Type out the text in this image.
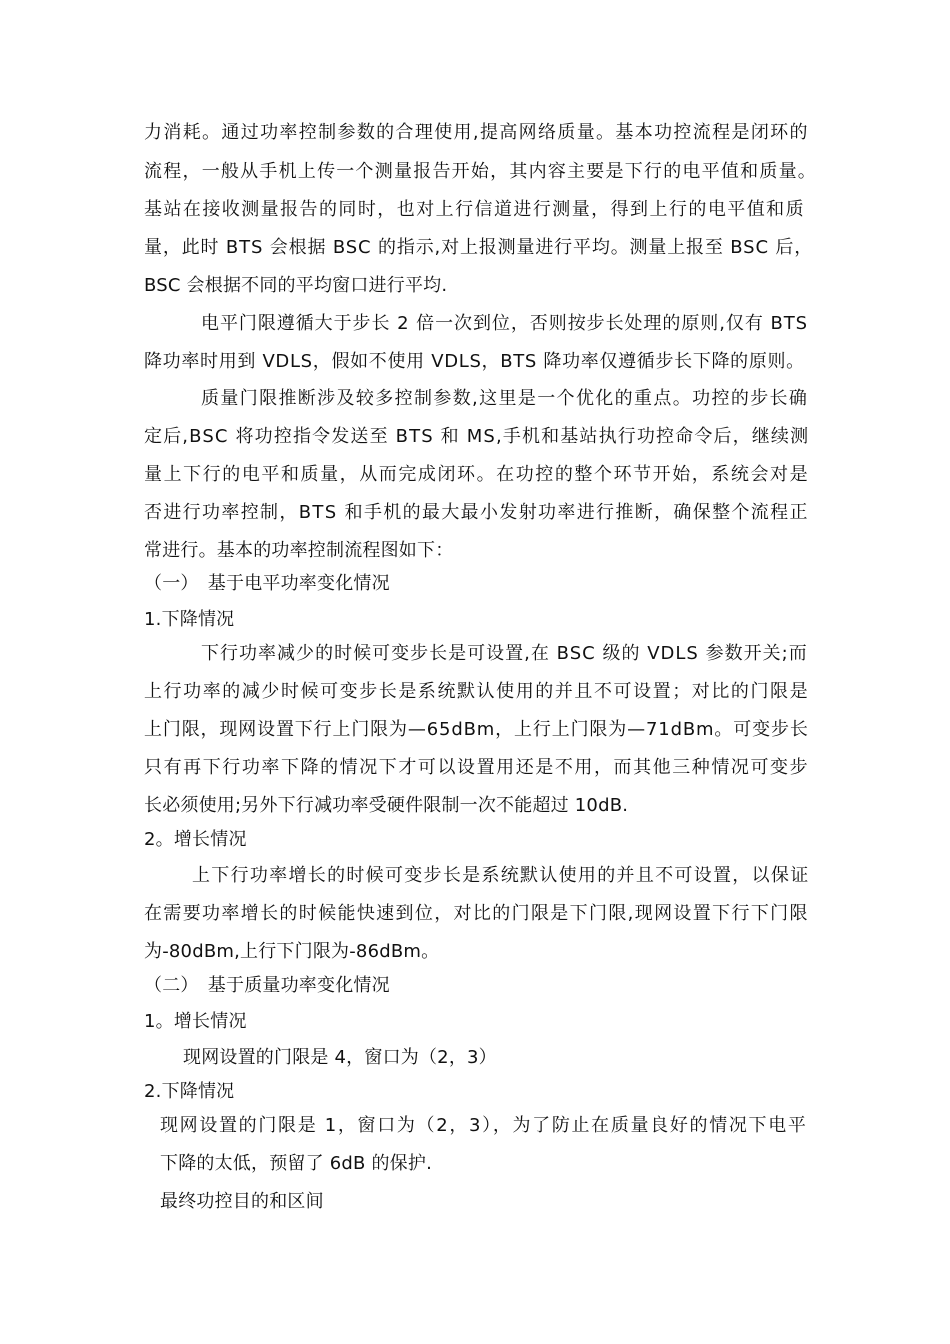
力消耗。通过功率控制参数的合理使用,提高网络质量。基本功控流程是闭环的
流程，一般从手机上传一个测量报告开始，其内容主要是下行的电平值和质量。
基站在接收测量报告的同时，也对上行信道进行测量，得到上行的电平值和质
量，此时 BTS 会根据 BSC 的指示,对上报测量进行平均。测量上报至 BSC 后，
BSC 会根据不同的平均窗口进行平均.
电平门限遵循大于步长 2 倍一次到位，否则按步长处理的原则,仅有 BTS
降功率时用到 VDLS，假如不使用 VDLS，BTS 降功率仅遵循步长下降的原则。
质量门限推断涉及较多控制参数,这里是一个优化的重点。功控的步长确
定后,BSC 将功控指令发送至 BTS 和 MS,手机和基站执行功控命令后，继续测
量上下行的电平和质量，从而完成闭环。在功控的整个环节开始，系统会对是
否进行功率控制，BTS 和手机的最大最小发射功率进行推断，确保整个流程正
常进行。基本的功率控制流程图如下：
（一）　基于电平功率变化情况
1.下降情况
下行功率减少的时候可变步长是可设置,在 BSC 级的 VDLS 参数开关;而
上行功率的减少时候可变步长是系统默认使用的并且不可设置；对比的门限是
上门限，现网设置下行上门限为—65dBm，上行上门限为—71dBm。可变步长
只有再下行功率下降的情况下才可以设置用还是不用，而其他三种情况可变步
长必须使用;另外下行减功率受硬件限制一次不能超过 10dB.
2。增长情况
上下行功率增长的时候可变步长是系统默认使用的并且不可设置，以保证
在需要功率增长的时候能快速到位，对比的门限是下门限,现网设置下行下门限
为-80dBm,上行下门限为-86dBm。
（二）　基于质量功率变化情况
1。增长情况
现网设置的门限是 4，窗口为（2，3）
2.下降情况
现网设置的门限是 1，窗口为（2，3），为了防止在质量良好的情况下电平
下降的太低，预留了 6dB 的保护.
最终功控目的和区间
